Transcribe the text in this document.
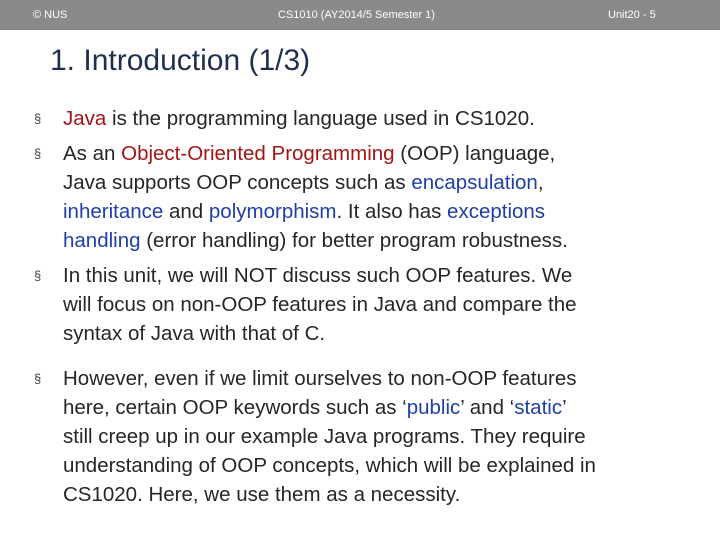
© NUS	CS1010 (AY2014/5 Semester 1)	Unit20 - 5
1. Introduction (1/3)
§ Java is the programming language used in CS1020.
§ As an Object-Oriented Programming (OOP) language,
Java supports OOP concepts such as encapsulation,
inheritance and polymorphism. It also has exceptions
handling (error handling) for better program robustness.
§ In this unit, we will NOT discuss such OOP features. We
will focus on non-OOP features in Java and compare the
syntax of Java with that of C.
§ However, even if we limit ourselves to non-OOP features
here, certain OOP keywords such as ‘public’ and ‘static’
still creep up in our example Java programs. They require
understanding of OOP concepts, which will be explained in
CS1020. Here, we use them as a necessity.
